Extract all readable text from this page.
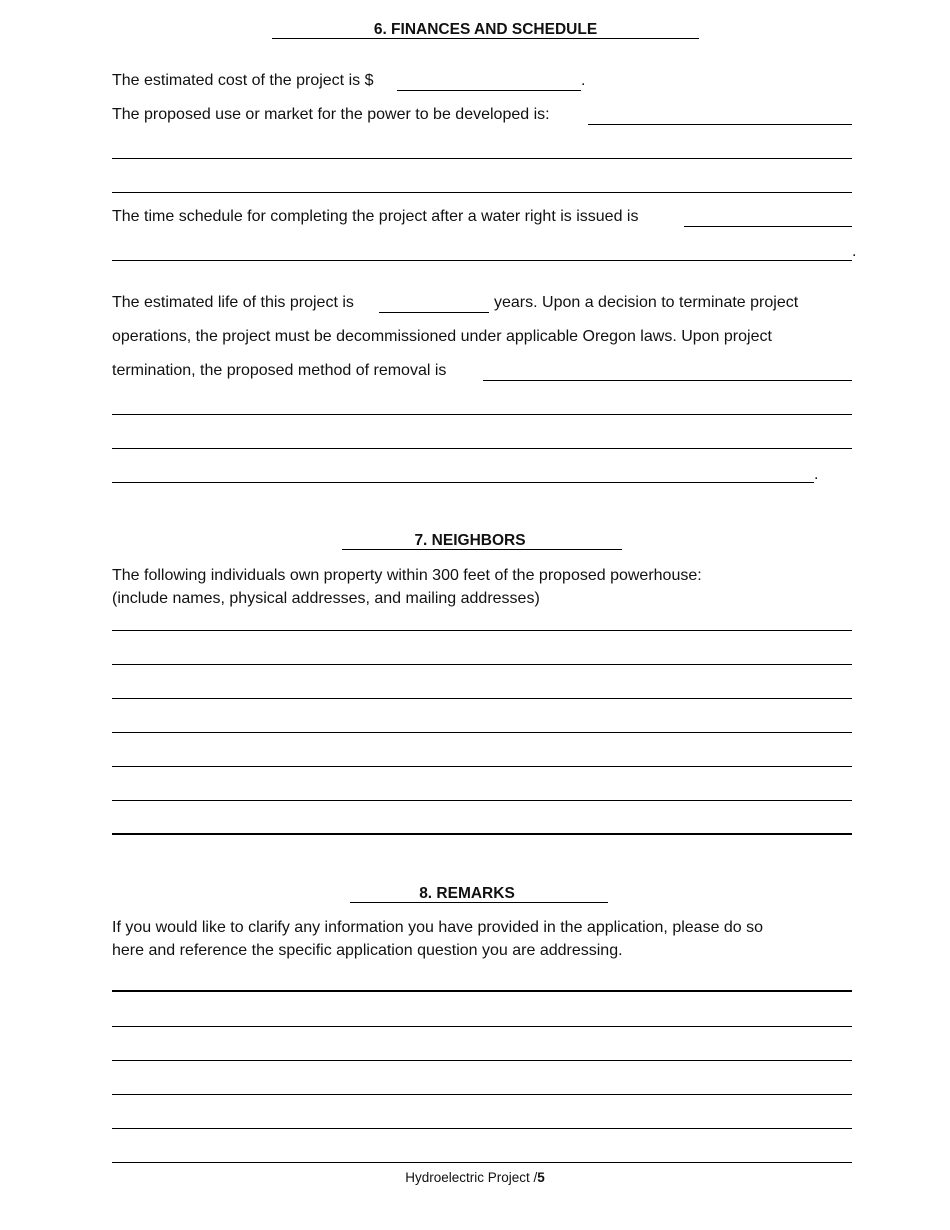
6. FINANCES AND SCHEDULE
The estimated cost of the project is $	.
The proposed use or market for the power to be developed is:
The time schedule for completing the project after a water right is issued is
.
The estimated life of this project is	years. Upon a decision to terminate project
operations, the project must be decommissioned under applicable Oregon laws. Upon project
termination, the proposed method of removal is
.
7. NEIGHBORS
The following individuals own property within 300 feet of the proposed powerhouse:
(include names, physical addresses, and mailing addresses)
8. REMARKS
If you would like to clarify any information you have provided in the application, please do so
here and reference the specific application question you are addressing.
Hydroelectric Project /5
